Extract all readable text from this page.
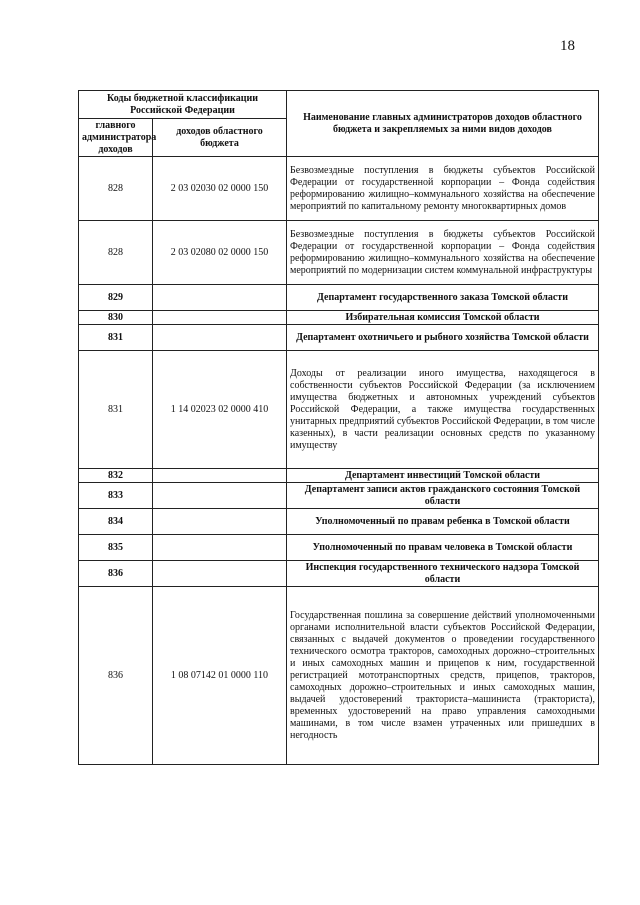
18
Коды бюджетной классификации Российской Федерации		Наименование главных администраторов доходов областного бюджета и закрепляемых за ними видов доходов
главного администратора доходов	доходов областного бюджета	
828	2 03 02030 02 0000 150	Безвозмездные поступления в бюджеты субъектов Российской Федерации от государственной корпорации – Фонда содействия реформированию жилищно–коммунального хозяйства на обеспечение мероприятий по капитальному ремонту многоквартирных домов
828	2 03 02080 02 0000 150	Безвозмездные поступления в бюджеты субъектов Российской Федерации от государственной корпорации – Фонда содействия реформированию жилищно–коммунального хозяйства на обеспечение мероприятий по модернизации систем коммунальной инфраструктуры
829		Департамент государственного заказа Томской области
830		Избирательная комиссия Томской области
831		Департамент охотничьего и рыбного хозяйства Томской области
831	1 14 02023 02 0000 410	Доходы от реализации иного имущества, находящегося в собственности субъектов Российской Федерации (за исключением имущества бюджетных и автономных учреждений субъектов Российской Федерации, а также имущества государственных унитарных предприятий субъектов Российской Федерации, в том числе казенных), в части реализации основных средств по указанному имуществу
832		Департамент инвестиций Томской области
833		Департамент записи актов гражданского состояния Томской области
834		Уполномоченный по правам ребенка в Томской области
835		Уполномоченный по правам человека в Томской области
836		Инспекция государственного технического надзора Томской области
836	1 08 07142 01 0000 110	Государственная пошлина за совершение действий уполномоченными органами исполнительной власти субъектов Российской Федерации, связанных с выдачей документов о проведении государственного технического осмотра тракторов, самоходных дорожно–строительных и иных самоходных машин и прицепов к ним, государственной регистрацией мототранспортных средств, прицепов, тракторов, самоходных дорожно–строительных и иных самоходных машин, выдачей удостоверений тракториста–машиниста (тракториста), временных удостоверений на право управления самоходными машинами, в том числе взамен утраченных или пришедших в негодность
